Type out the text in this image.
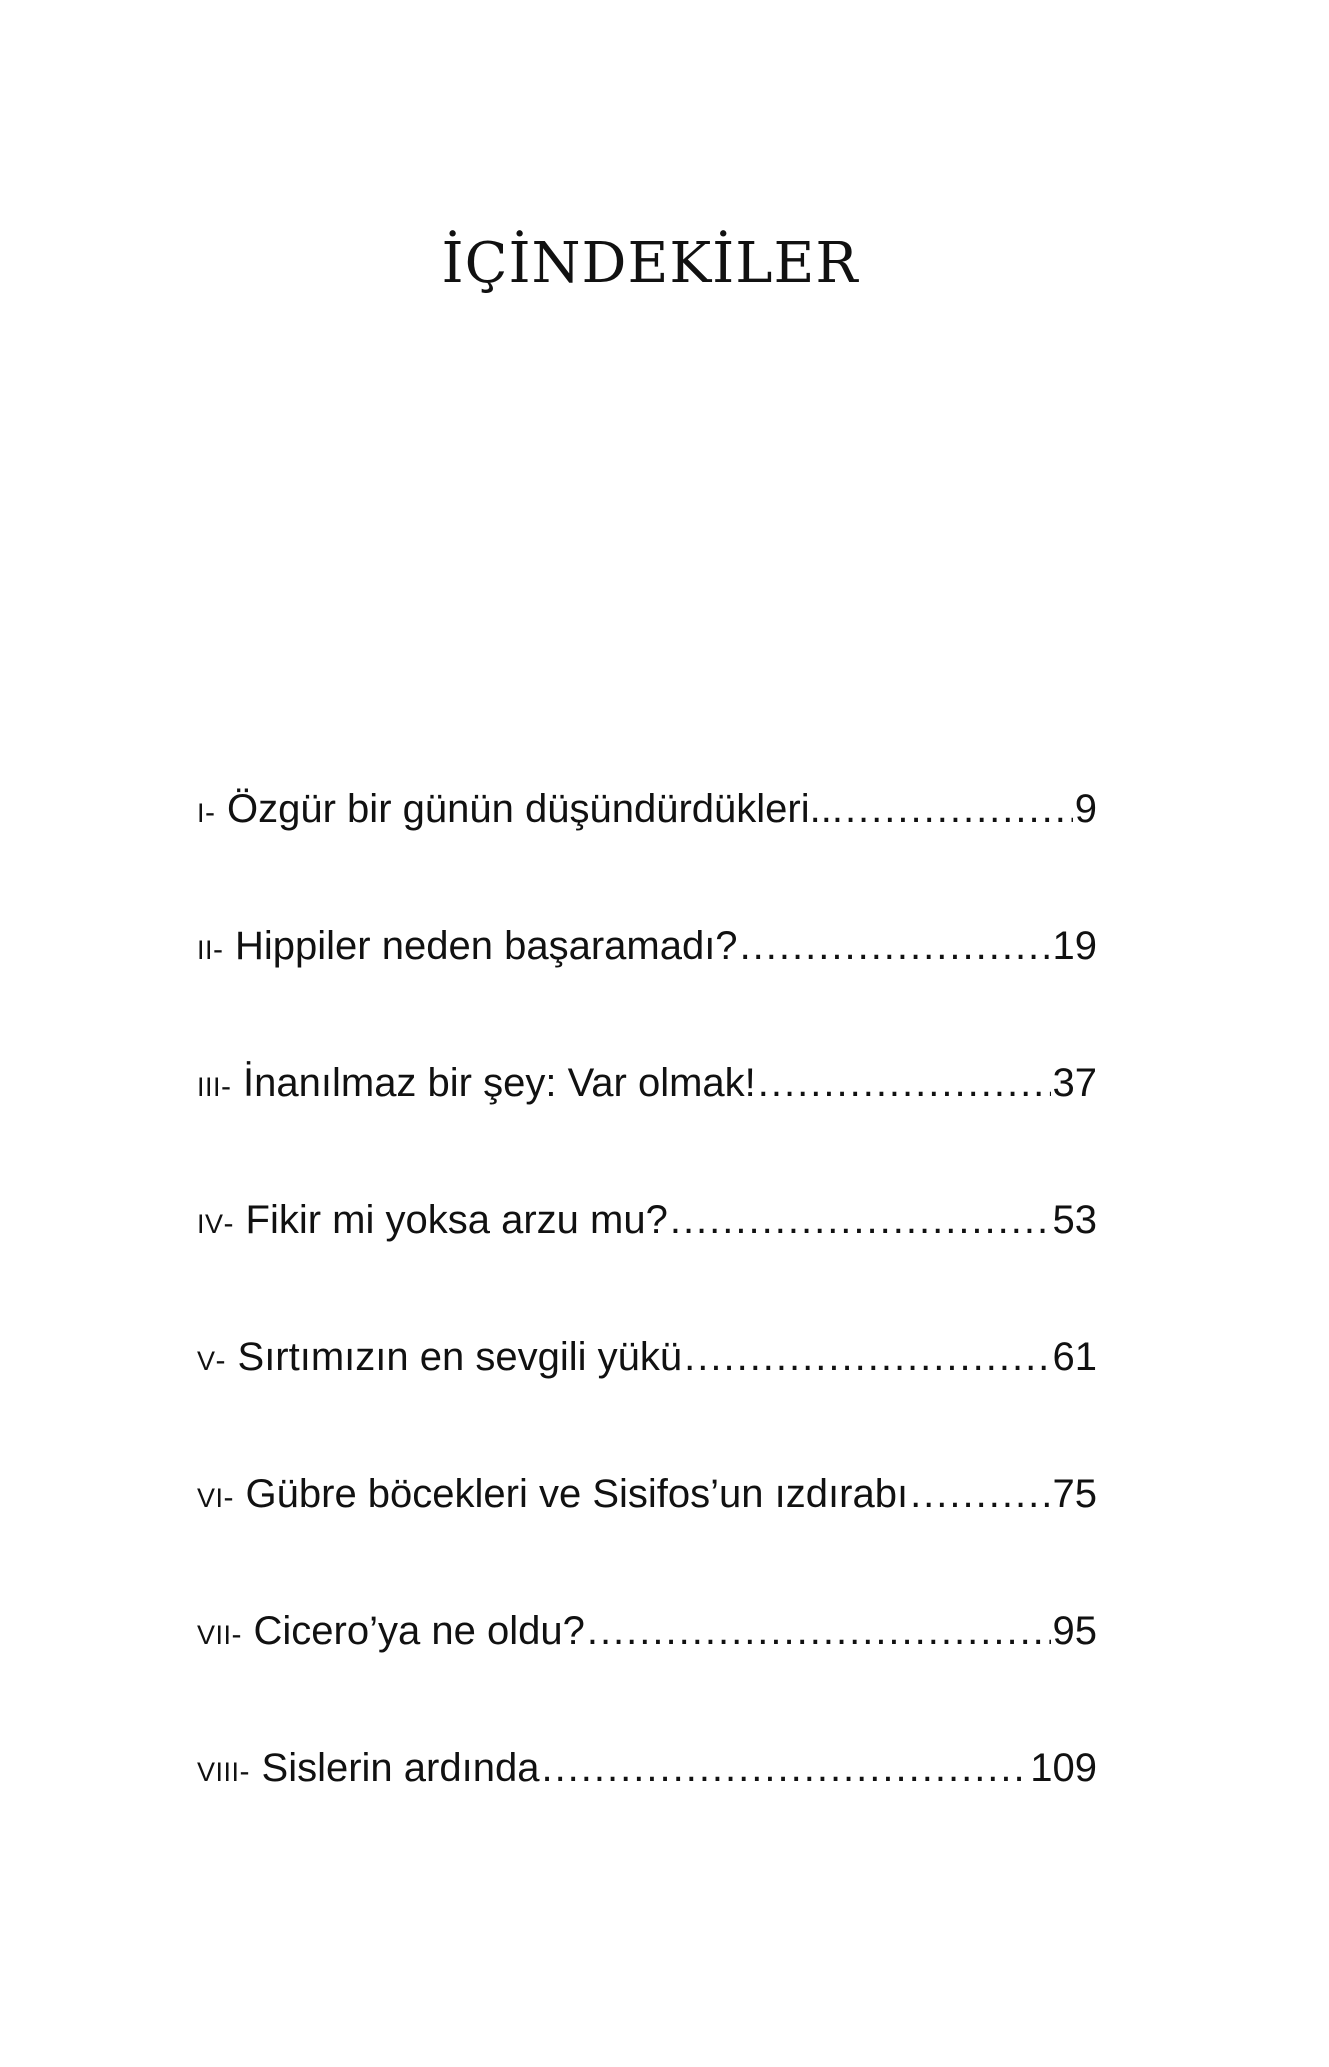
İÇİNDEKİLER
I - Özgür bir günün düşündürdükleri... .....	9
II - Hippiler neden başaramadı? .....	19
III - İnanılmaz bir şey: Var olmak! .....	37
IV - Fikir mi yoksa arzu mu? .....	53
V - Sırtımızın en sevgili yükü .....	61
VI - Gübre böcekleri ve Sisifos’un ızdırabı .....	75
VII - Cicero’ya ne oldu? .....	95
VIII - Sislerin ardında .....	109
